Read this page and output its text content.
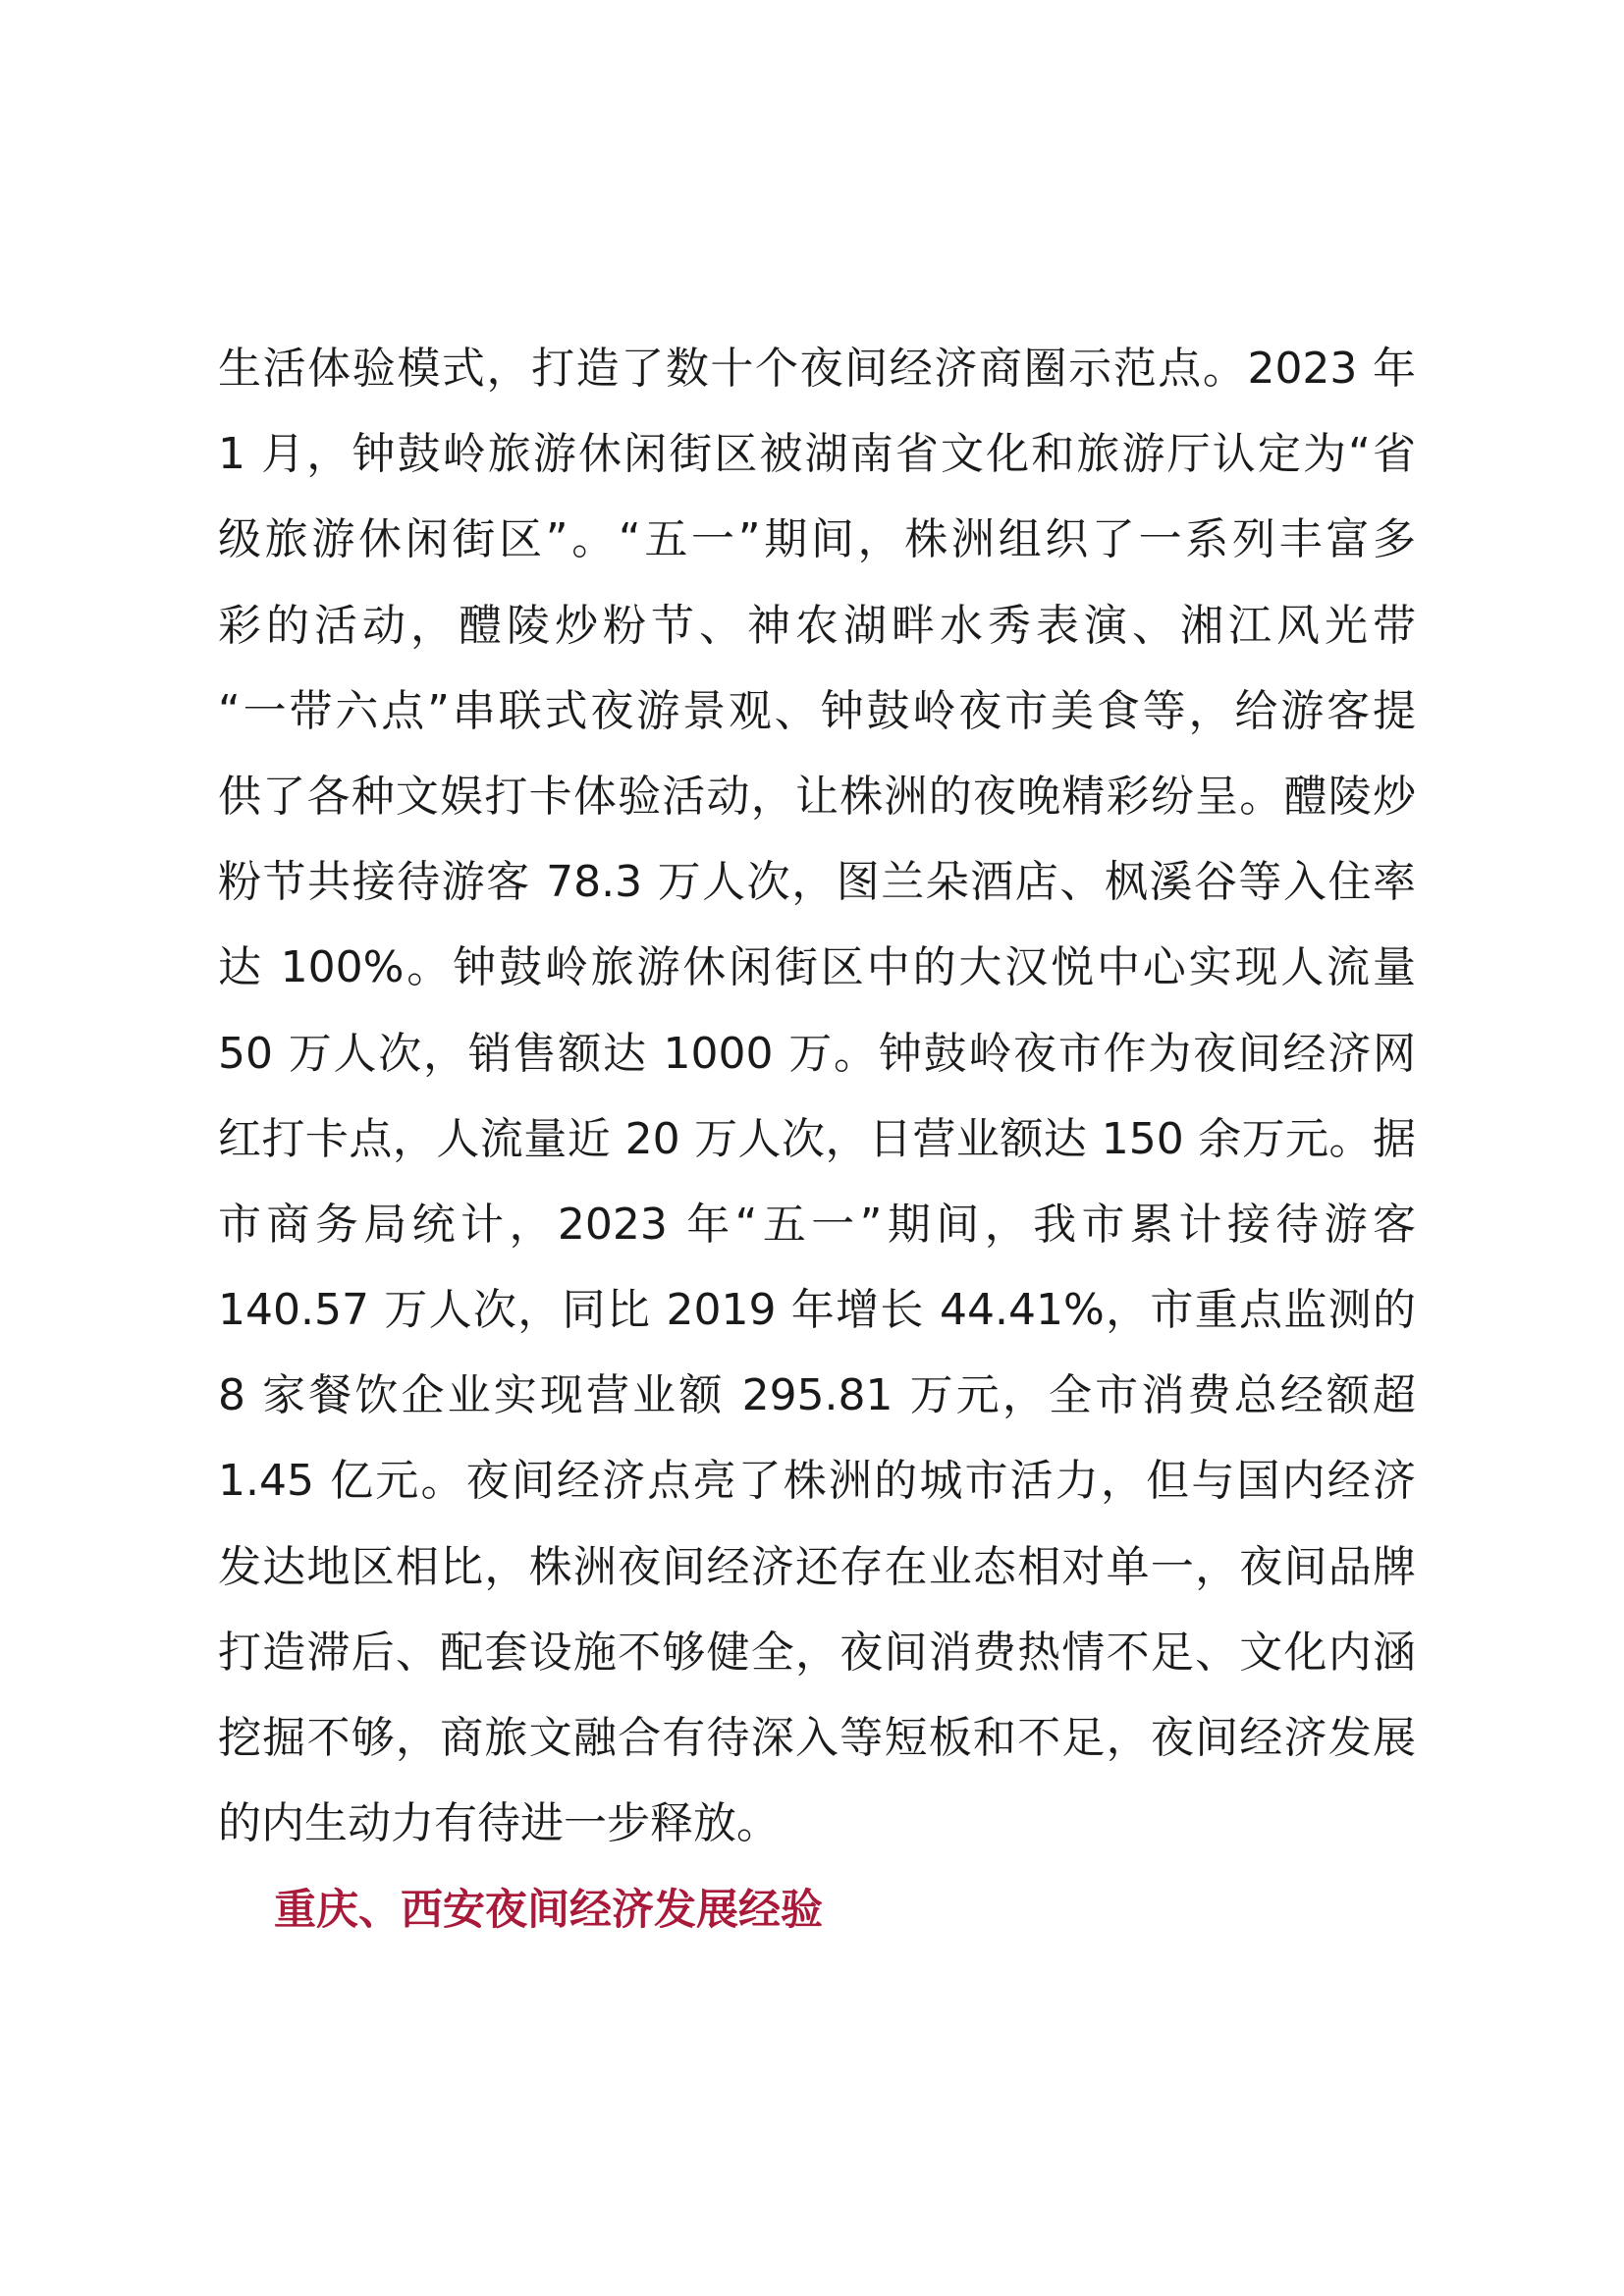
生活体验模式，打造了数十个夜间经济商圈示范点。2023 年
1 月，钟鼓岭旅游休闲街区被湖南省文化和旅游厅认定为“省
级旅游休闲街区”。“五一”期间，株洲组织了一系列丰富多
彩的活动，醴陵炒粉节、神农湖畔水秀表演、湘江风光带
“一带六点”串联式夜游景观、钟鼓岭夜市美食等，给游客提
供了各种文娱打卡体验活动，让株洲的夜晚精彩纷呈。醴陵炒
粉节共接待游客 78.3 万人次，图兰朵酒店、枫溪谷等入住率
达 100%。钟鼓岭旅游休闲街区中的大汉悦中心实现人流量
50 万人次，销售额达 1000 万。钟鼓岭夜市作为夜间经济网
红打卡点，人流量近 20 万人次，日营业额达 150 余万元。据
市商务局统计，2023 年“五一”期间，我市累计接待游客
140.57 万人次，同比 2019 年增长 44.41%，市重点监测的
8 家餐饮企业实现营业额 295.81 万元，全市消费总经额超
1.45 亿元。夜间经济点亮了株洲的城市活力，但与国内经济
发达地区相比，株洲夜间经济还存在业态相对单一，夜间品牌
打造滞后、配套设施不够健全，夜间消费热情不足、文化内涵
挖掘不够，商旅文融合有待深入等短板和不足，夜间经济发展
的内生动力有待进一步释放。
重庆、西安夜间经济发展经验
